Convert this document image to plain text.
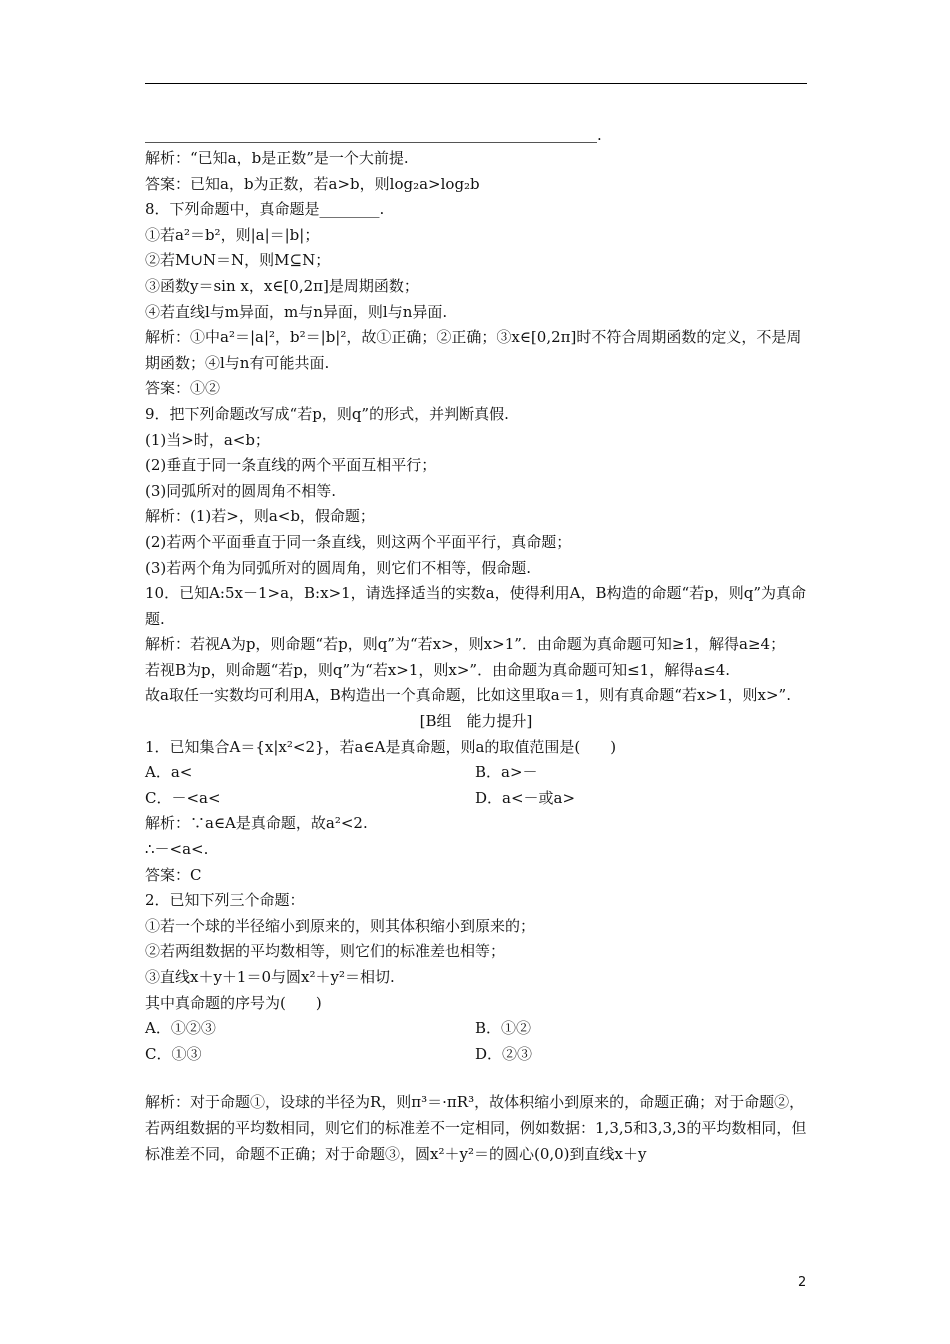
.
解析：“已知a，b是正数”是一个大前提.
答案：已知a，b为正数，若a>b，则log₂a>log₂b
8．下列命题中，真命题是________.
①若a²＝b²，则|a|＝|b|；
②若M∪N＝N，则M⊆N；
③函数y＝sin x，x∈[0,2π]是周期函数；
④若直线l与m异面，m与n异面，则l与n异面.
解析：①中a²＝|a|²，b²＝|b|²，故①正确；②正确；③x∈[0,2π]时不符合周期函数的定义，不是周期函数；④l与n有可能共面.
答案：①②
9．把下列命题改写成“若p，则q”的形式，并判断真假.
(1)当>时，a<b；
(2)垂直于同一条直线的两个平面互相平行；
(3)同弧所对的圆周角不相等.
解析：(1)若>，则a<b，假命题；
(2)若两个平面垂直于同一条直线，则这两个平面平行，真命题；
(3)若两个角为同弧所对的圆周角，则它们不相等，假命题.
10．已知A:5x－1>a，B:x>1，请选择适当的实数a，使得利用A，B构造的命题“若p，则q”为真命题.
解析：若视A为p，则命题“若p，则q”为“若x>，则x>1”．由命题为真命题可知≥1，解得a≥4；
若视B为p，则命题“若p，则q”为“若x>1，则x>”．由命题为真命题可知≤1，解得a≤4.
故a取任一实数均可利用A，B构造出一个真命题，比如这里取a＝1，则有真命题“若x>1，则x>”.
[B组　能力提升]
1．已知集合A＝{x|x²<2}，若a∈A是真命题，则a的取值范围是(　　)
A．a<	B．a>－
C．－<a<	D．a<－或a>
解析：∵a∈A是真命题，故a²<2.
∴－<a<.
答案：C
2．已知下列三个命题：
①若一个球的半径缩小到原来的，则其体积缩小到原来的；
②若两组数据的平均数相等，则它们的标准差也相等；
③直线x＋y＋1＝0与圆x²＋y²＝相切.
其中真命题的序号为(　　)
A．①②③	B．①②
C．①③	D．②③
解析：对于命题①，设球的半径为R，则π³＝·πR³，故体积缩小到原来的，命题正确；对于命题②，若两组数据的平均数相同，则它们的标准差不一定相同，例如数据：1,3,5和3,3,3的平均数相同，但标准差不同，命题不正确；对于命题③，圆x²＋y²＝的圆心(0,0)到直线x＋y
2
